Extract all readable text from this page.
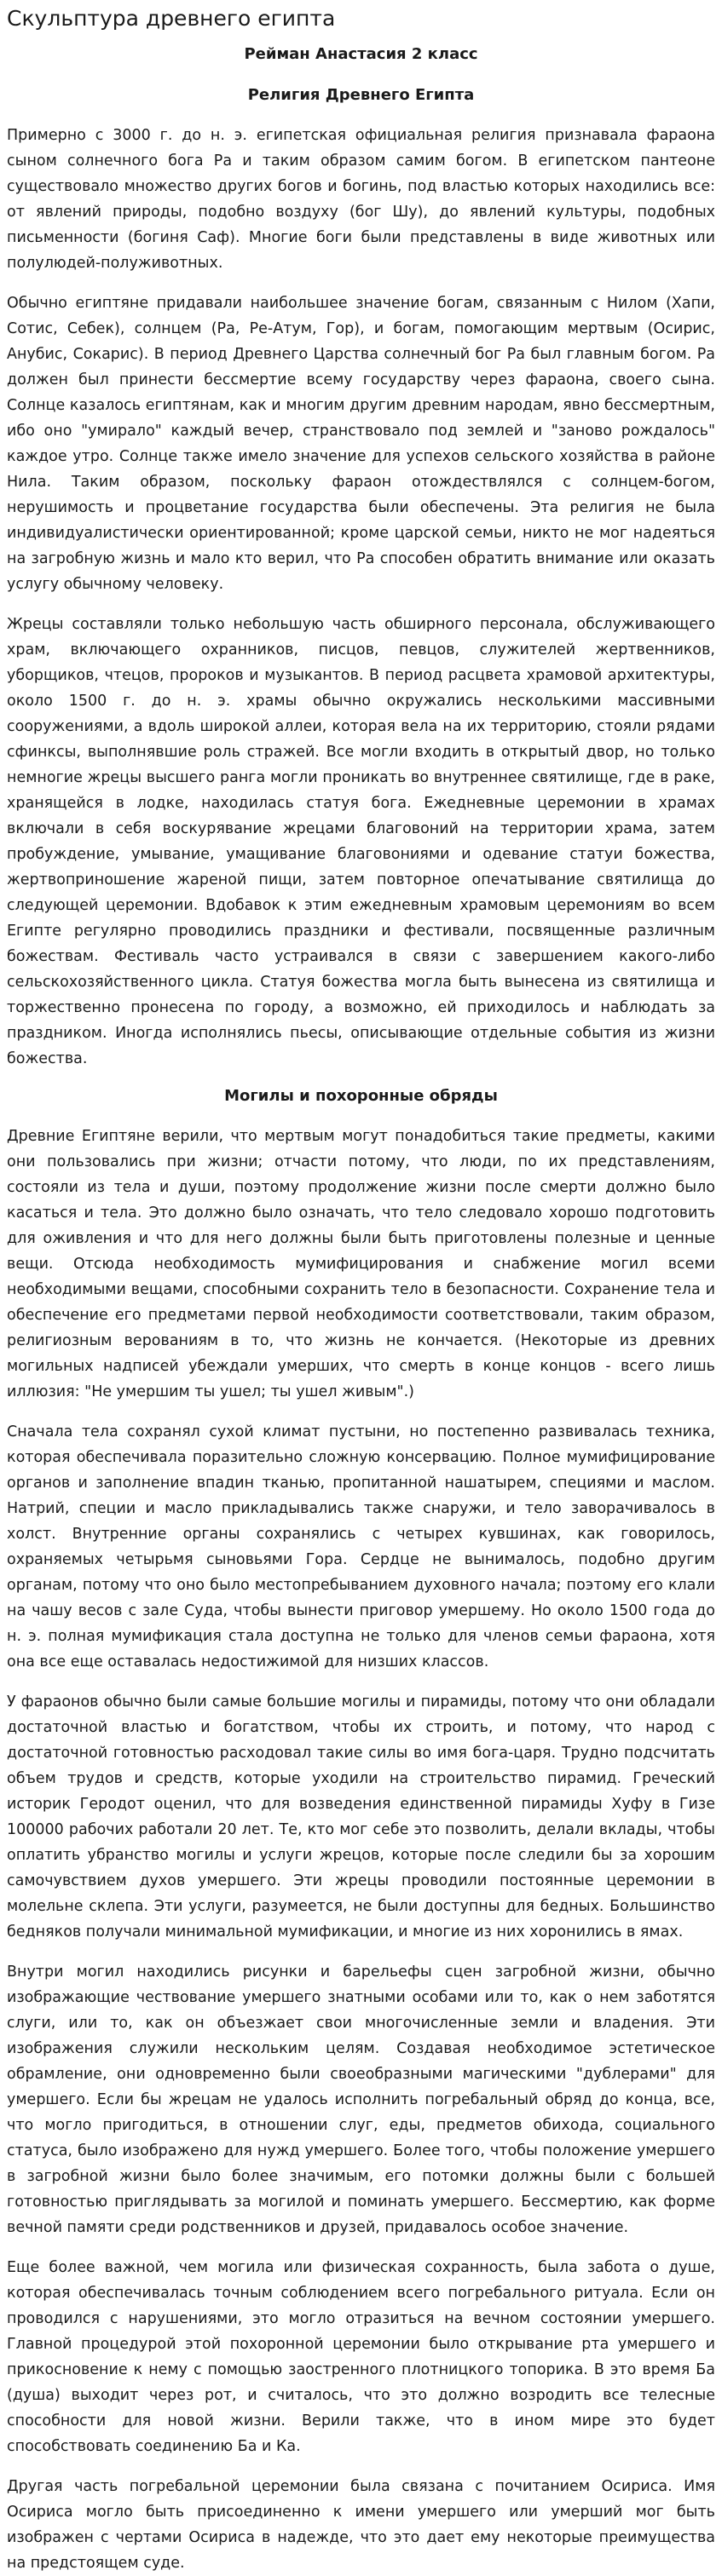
Скульптура древнего египта
Рейман Анастасия 2 класс
Религия Древнего Египта

Примерно с 3000 г. до н. э. египетская официальная религия признавала фараона сыном солнечного бога Ра и таким образом самим богом. В египетском пантеоне существовало множество других богов и богинь, под властью которых находились все: от явлений природы, подобно воздуху (бог Шу), до явлений культуры, подобных письменности (богиня Саф). Многие боги были представлены в виде животных или полулюдей-полуживотных.

Обычно египтяне придавали наибольшее значение богам, связанным с Нилом (Хапи, Сотис, Себек), солнцем (Ра, Ре-Атум, Гор), и богам, помогающим мертвым (Осирис, Анубис, Сокарис). В период Древнего Царства солнечный бог Ра был главным богом. Ра должен был принести бессмертие всему государству через фараона, своего сына. Солнце казалось египтянам, как и многим другим древним народам, явно бессмертным, ибо оно "умирало" каждый вечер, странствовало под землей и "заново рождалось" каждое утро. Солнце также имело значение для успехов сельского хозяйства в районе Нила. Таким образом, поскольку фараон отождествлялся с солнцем-богом, нерушимость и процветание государства были обеспечены. Эта религия не была индивидуалистически ориентированной; кроме царской семьи, никто не мог надеяться на загробную жизнь и мало кто верил, что Ра способен обратить внимание или оказать услугу обычному человеку.

Жрецы составляли только небольшую часть обширного персонала, обслуживающего храм, включающего охранников, писцов, певцов, служителей жертвенников, уборщиков, чтецов, пророков и музыкантов. В период расцвета храмовой архитектуры, около 1500 г. до н. э. храмы обычно окружались несколькими массивными сооружениями, а вдоль широкой аллеи, которая вела на их территорию, стояли рядами сфинксы, выполнявшие роль стражей. Все могли входить в открытый двор, но только немногие жрецы высшего ранга могли проникать во внутреннее святилище, где в раке, хранящейся в лодке, находилась статуя бога. Ежедневные церемонии в храмах включали в себя воскурявание жрецами благовоний на территории храма, затем пробуждение, умывание, умащивание благовониями и одевание статуи божества, жертвоприношение жареной пищи, затем повторное опечатывание святилища до следующей церемонии. Вдобавок к этим ежедневным храмовым церемониям во всем Египте регулярно проводились праздники и фестивали, посвященные различным божествам. Фестиваль часто устраивался в связи с завершением какого-либо сельскохозяйственного цикла. Статуя божества могла быть вынесена из святилища и торжественно пронесена по городу, а возможно, ей приходилось и наблюдать за праздником. Иногда исполнялись пьесы, описывающие отдельные события из жизни божества.

Могилы и похоронные обряды

Древние Египтяне верили, что мертвым могут понадобиться такие предметы, какими они пользовались при жизни; отчасти потому, что люди, по их представлениям, состояли из тела и души, поэтому продолжение жизни после смерти должно было касаться и тела. Это должно было означать, что тело следовало хорошо подготовить для оживления и что для него должны были быть приготовлены полезные и ценные вещи. Отсюда необходимость мумифицирования и снабжение могил всеми необходимыми вещами, способными сохранить тело в безопасности. Сохранение тела и обеспечение его предметами первой необходимости соответствовали, таким образом, религиозным верованиям в то, что жизнь не кончается. (Некоторые из древних могильных надписей убеждали умерших, что смерть в конце концов - всего лишь иллюзия: "Не умершим ты ушел; ты ушел живым".)

Сначала тела сохранял сухой климат пустыни, но постепенно развивалась техника, которая обеспечивала поразительно сложную консервацию. Полное мумифицирование органов и заполнение впадин тканью, пропитанной нашатырем, специями и маслом. Натрий, специи и масло прикладывались также снаружи, и тело заворачивалось в холст. Внутренние органы сохранялись с четырех кувшинах, как говорилось, охраняемых четырьмя сыновьями Гора. Сердце не вынималось, подобно другим органам, потому что оно было местопребыванием духовного начала; поэтому его клали на чашу весов с зале Суда, чтобы вынести приговор умершему. Но около 1500 года до н. э. полная мумификация стала доступна не только для членов семьи фараона, хотя она все еще оставалась недостижимой для низших классов.

У фараонов обычно были самые большие могилы и пирамиды, потому что они обладали достаточной властью и богатством, чтобы их строить, и потому, что народ с достаточной готовностью расходовал такие силы во имя бога-царя. Трудно подсчитать объем трудов и средств, которые уходили на строительство пирамид. Греческий историк Геродот оценил, что для возведения единственной пирамиды Хуфу в Гизе 100000 рабочих работали 20 лет. Те, кто мог себе это позволить, делали вклады, чтобы оплатить убранство могилы и услуги жрецов, которые после следили бы за хорошим самочувствием духов умершего. Эти жрецы проводили постоянные церемонии в молельне склепа. Эти услуги, разумеется, не были доступны для бедных. Большинство бедняков получали минимальной мумификации, и многие из них хоронились в ямах.

Внутри могил находились рисунки и барельефы сцен загробной жизни, обычно изображающие чествование умершего знатными особами или то, как о нем заботятся слуги, или то, как он объезжает свои многочисленные земли и владения. Эти изображения служили нескольким целям. Создавая необходимое эстетическое обрамление, они одновременно были своеобразными магическими "дублерами" для умершего. Если бы жрецам не удалось исполнить погребальный обряд до конца, все, что могло пригодиться, в отношении слуг, еды, предметов обихода, социального статуса, было изображено для нужд умершего. Более того, чтобы положение умершего в загробной жизни было более значимым, его потомки должны были с большей готовностью приглядывать за могилой и поминать умершего. Бессмертию, как форме вечной памяти среди родственников и друзей, придавалось особое значение.

Еще более важной, чем могила или физическая сохранность, была забота о душе, которая обеспечивалась точным соблюдением всего погребального ритуала. Если он проводился с нарушениями, это могло отразиться на вечном состоянии умершего. Главной процедурой этой похоронной церемонии было открывание рта умершего и прикосновение к нему с помощью заостренного плотницкого топорика. В это время Ба (душа) выходит через рот, и считалось, что это должно возродить все телесные способности для новой жизни. Верили также, что в ином мире это будет способствовать соединению Ба и Ка.

Другая часть погребальной церемонии была связана с почитанием Осириса. Имя Осириса могло быть присоединенно к имени умершего или умерший мог быть изображен с чертами Осириса в надежде, что это дает ему некоторые преимущества на предстоящем суде.
